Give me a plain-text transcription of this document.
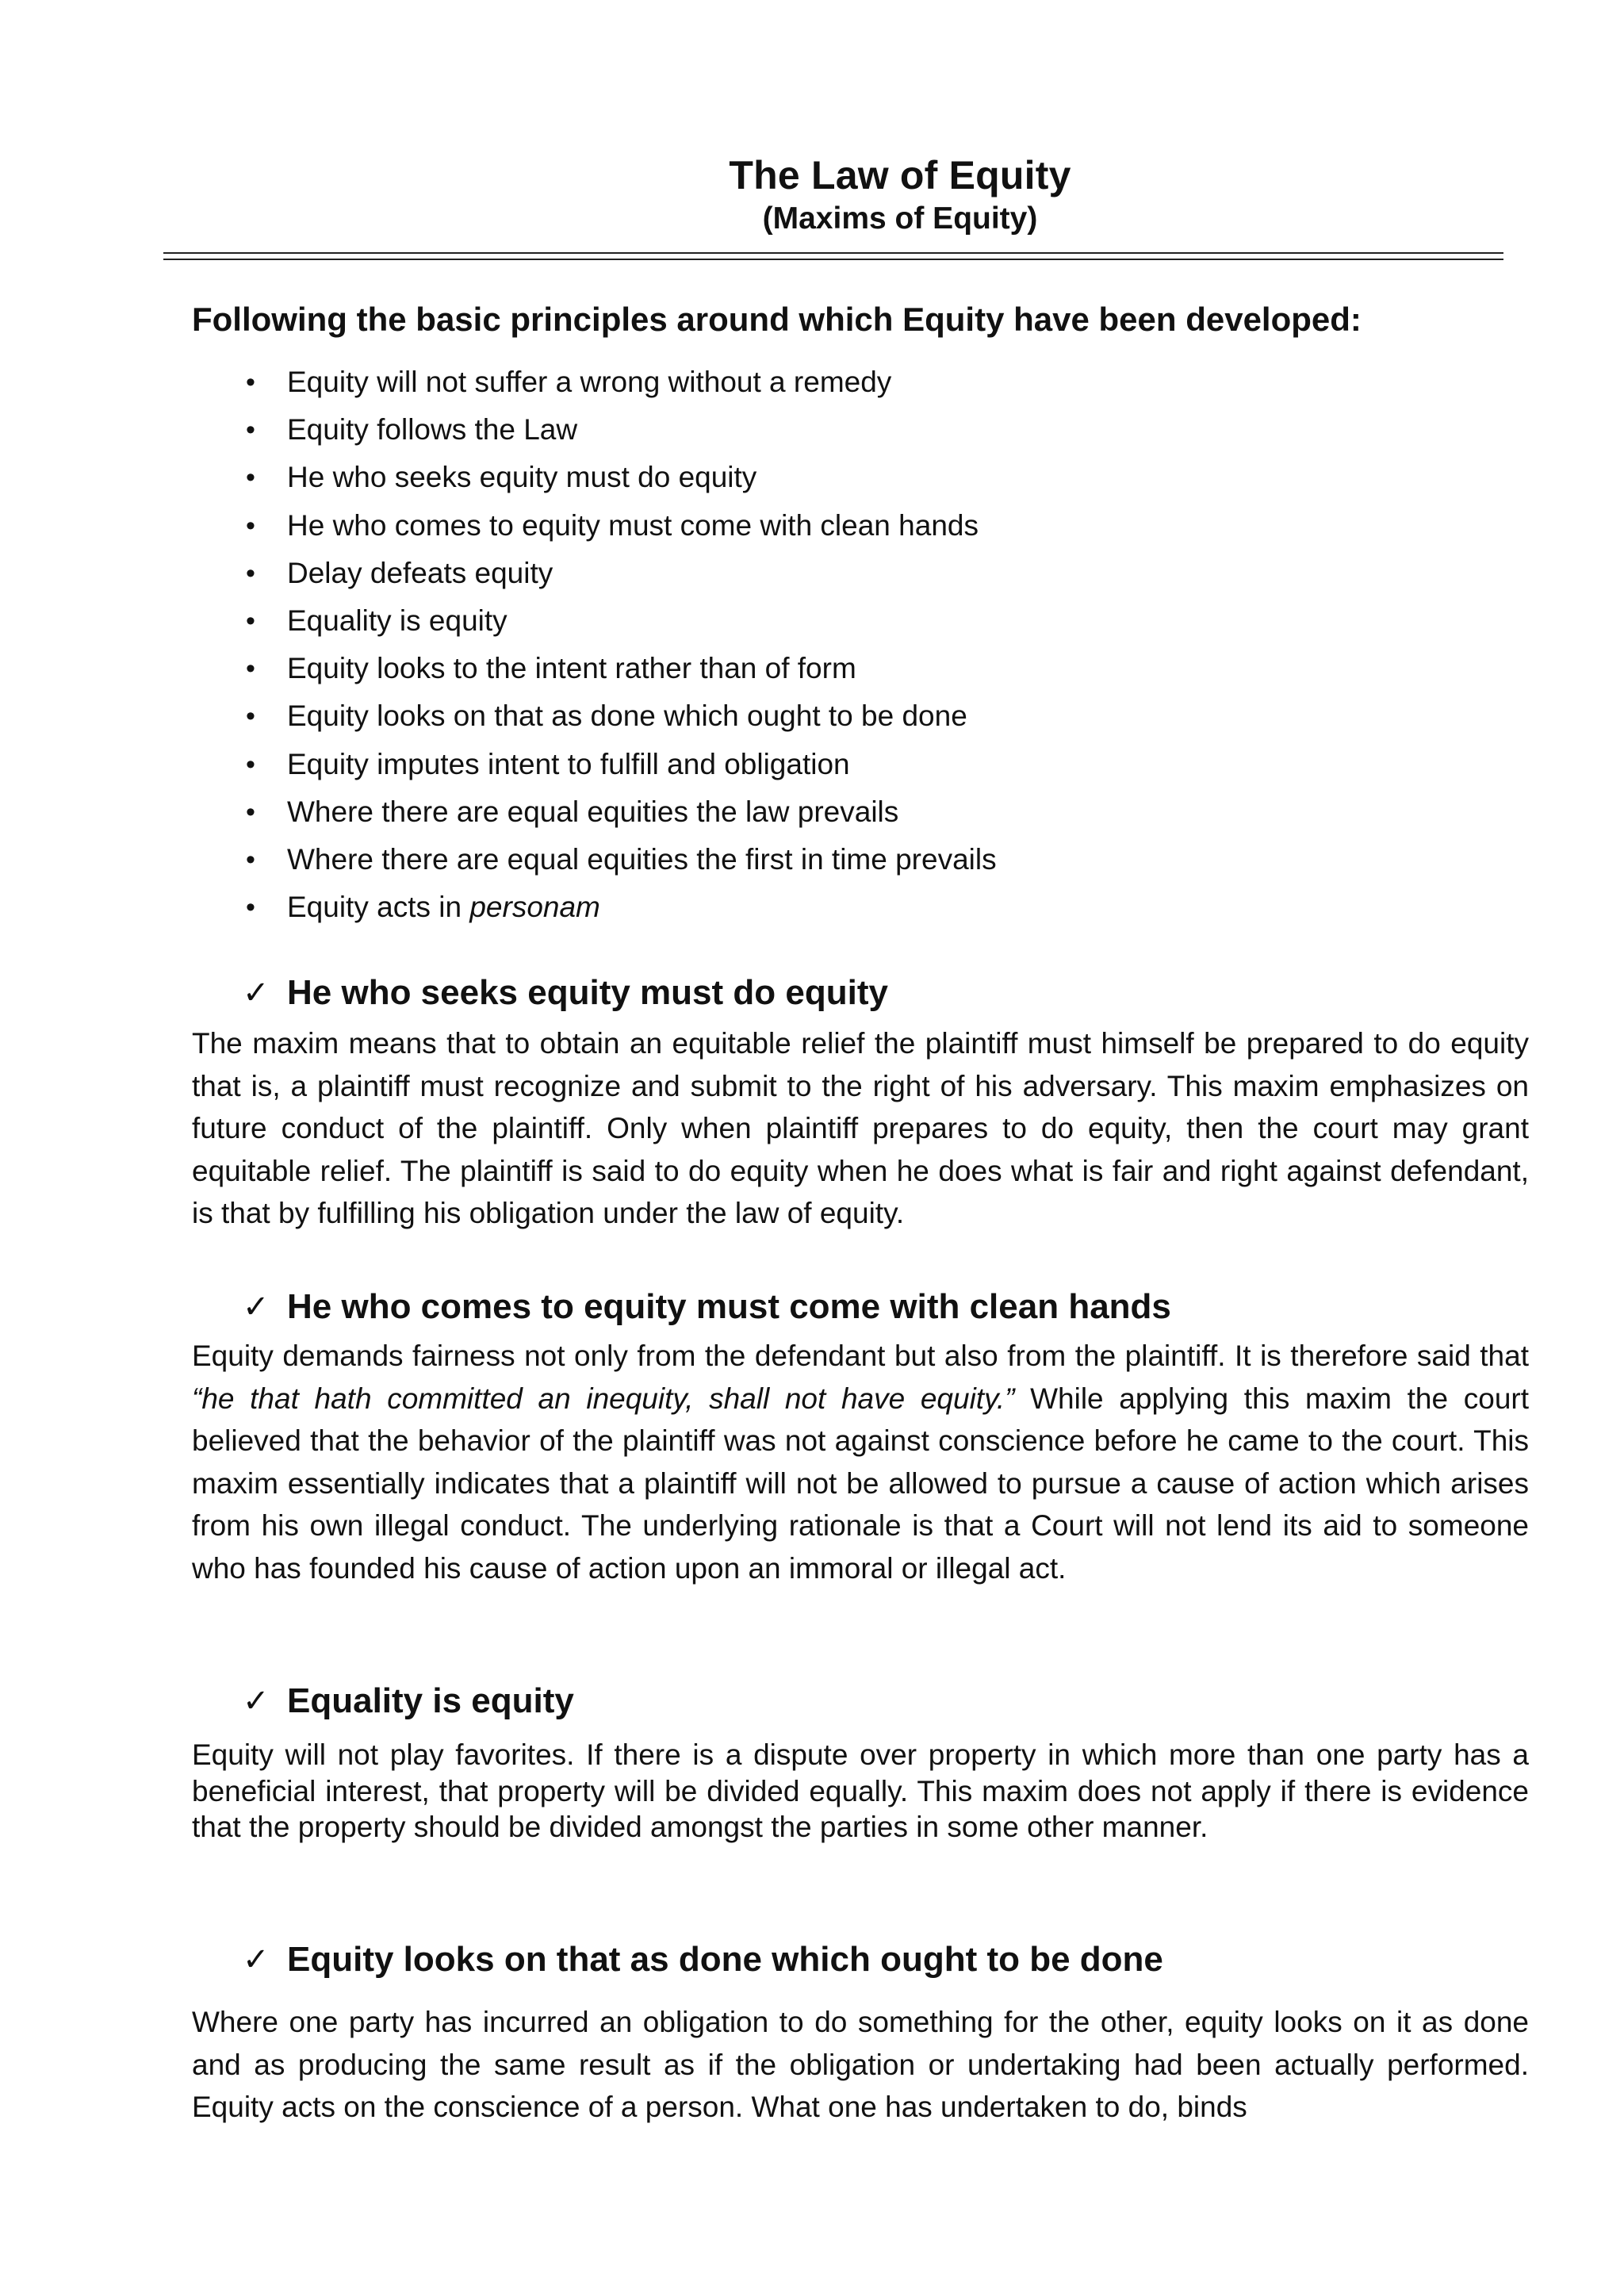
The Law of Equity
(Maxims of Equity)
Following the basic principles around which Equity have been developed:
• Equity will not suffer a wrong without a remedy
• Equity follows the Law
• He who seeks equity must do equity
• He who comes to equity must come with clean hands
• Delay defeats equity
• Equality is equity
• Equity looks to the intent rather than of form
• Equity looks on that as done which ought to be done
• Equity imputes intent to fulfill and obligation
• Where there are equal equities the law prevails
• Where there are equal equities the first in time prevails
• Equity acts in personam
✓ He who seeks equity must do equity

The maxim means that to obtain an equitable relief the plaintiff must himself be prepared to do equity that is, a plaintiff must recognize and submit to the right of his adversary. This maxim emphasizes on future conduct of the plaintiff. Only when plaintiff prepares to do equity, then the court may grant equitable relief. The plaintiff is said to do equity when he does what is fair and right against defendant, is that by fulfilling his obligation under the law of equity.

✓ He who comes to equity must come with clean hands

Equity demands fairness not only from the defendant but also from the plaintiff. It is therefore said that “he that hath committed an inequity, shall not have equity.” While applying this maxim the court believed that the behavior of the plaintiff was not against conscience before he came to the court. This maxim essentially indicates that a plaintiff will not be allowed to pursue a cause of action which arises from his own illegal conduct. The underlying rationale is that a Court will not lend its aid to someone who has founded his cause of action upon an immoral or illegal act.

✓ Equality is equity

Equity will not play favorites. If there is a dispute over property in which more than one party has a beneficial interest, that property will be divided equally. This maxim does not apply if there is evidence that the property should be divided amongst the parties in some other manner.

✓ Equity looks on that as done which ought to be done

Where one party has incurred an obligation to do something for the other, equity looks on it as done and as producing the same result as if the obligation or undertaking had been actually performed. Equity acts on the conscience of a person. What one has undertaken to do, binds
